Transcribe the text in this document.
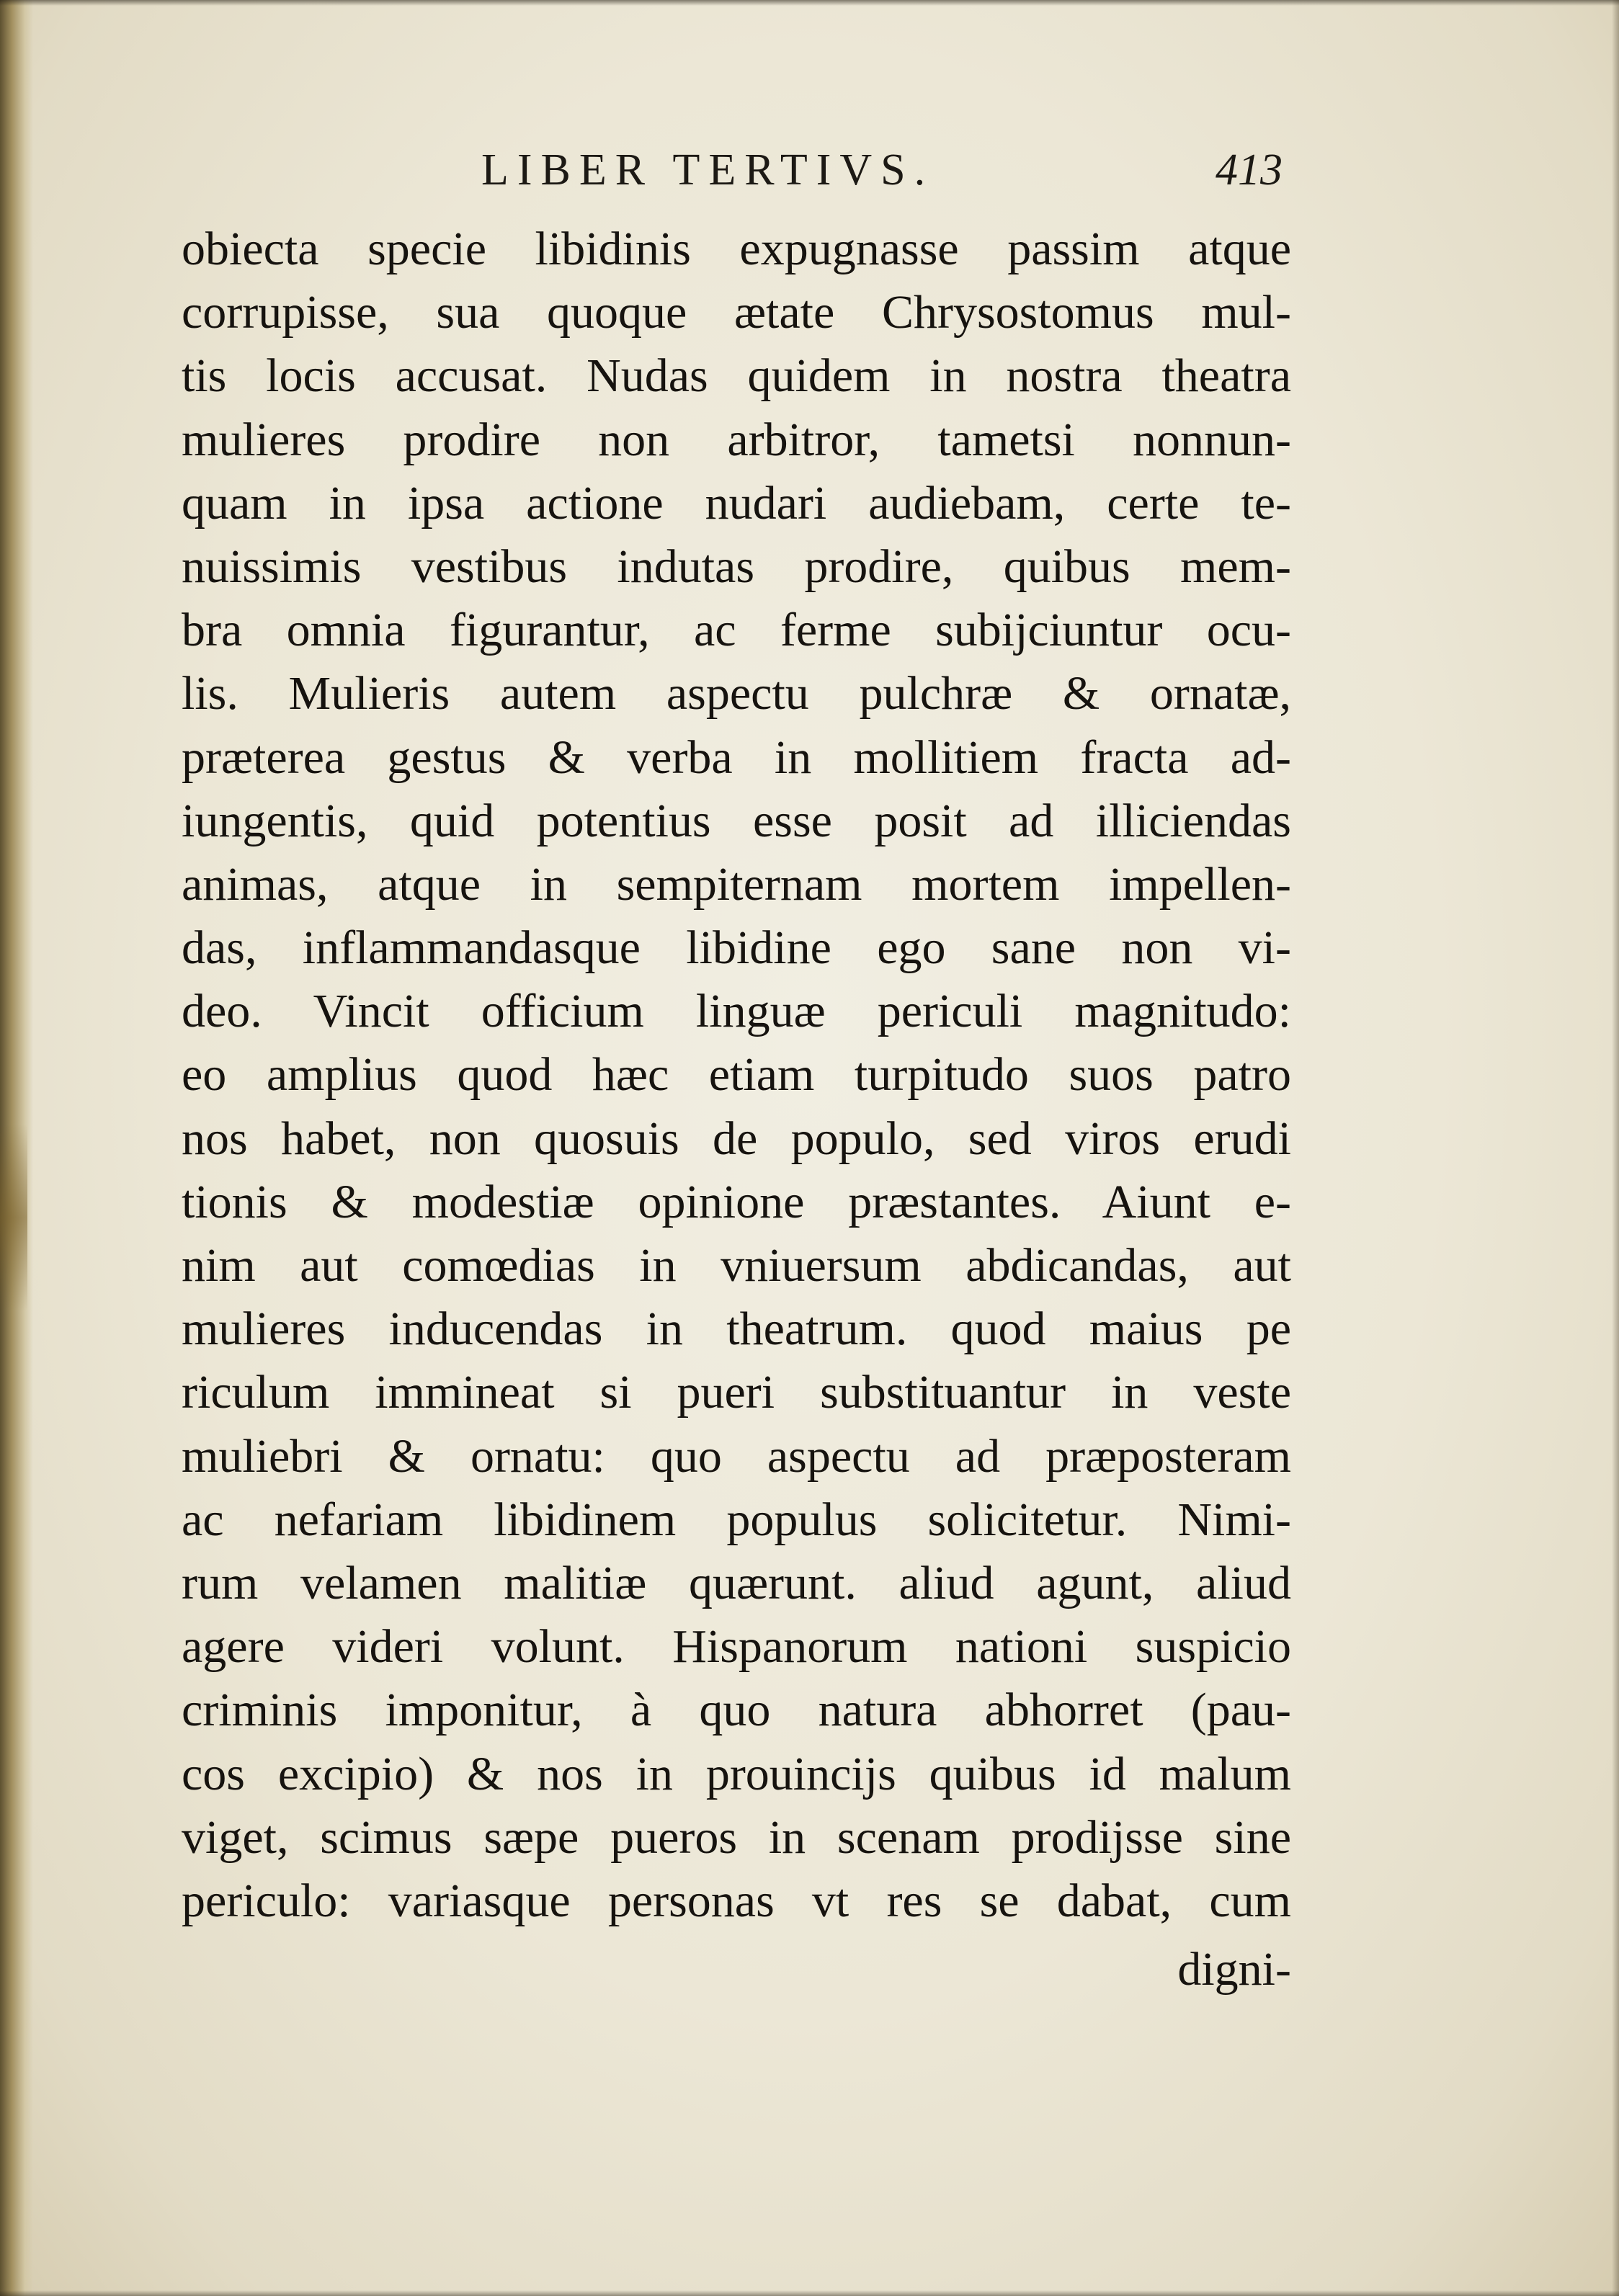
LIBER TERTIVS.	413
obiecta specie libidinis expugnasse passim atque
corrupisse, sua quoque ætate Chrysostomus mul-
tis locis accusat. Nudas quidem in nostra theatra
mulieres prodire non arbitror, tametsi nonnun-
quam in ipsa actione nudari audiebam, certe te-
nuissimis vestibus indutas prodire, quibus mem-
bra omnia figurantur, ac ferme subijciuntur ocu-
lis. Mulieris autem aspectu pulchræ & ornatæ,
præterea gestus & verba in mollitiem fracta ad-
iungentis, quid potentius esse posit ad illiciendas
animas, atque in sempiternam mortem impellen-
das, inflammandasque libidine ego sane non vi-
deo. Vincit officium linguæ periculi magnitudo:
eo amplius quod hæc etiam turpitudo suos patro
nos habet, non quosuis de populo, sed viros erudi
tionis & modestiæ opinione præstantes. Aiunt e-
nim aut comœdias in vniuersum abdicandas, aut
mulieres inducendas in theatrum. quod maius pe
riculum immineat si pueri substituantur in veste
muliebri & ornatu: quo aspectu ad præposteram
ac nefariam libidinem populus solicitetur. Nimi-
rum velamen malitiæ quærunt. aliud agunt, aliud
agere videri volunt. Hispanorum nationi suspicio
criminis imponitur, à quo natura abhorret (pau-
cos excipio) & nos in prouincijs quibus id malum
viget, scimus sæpe pueros in scenam prodijsse sine
periculo: variasque personas vt res se dabat, cum
digni-
